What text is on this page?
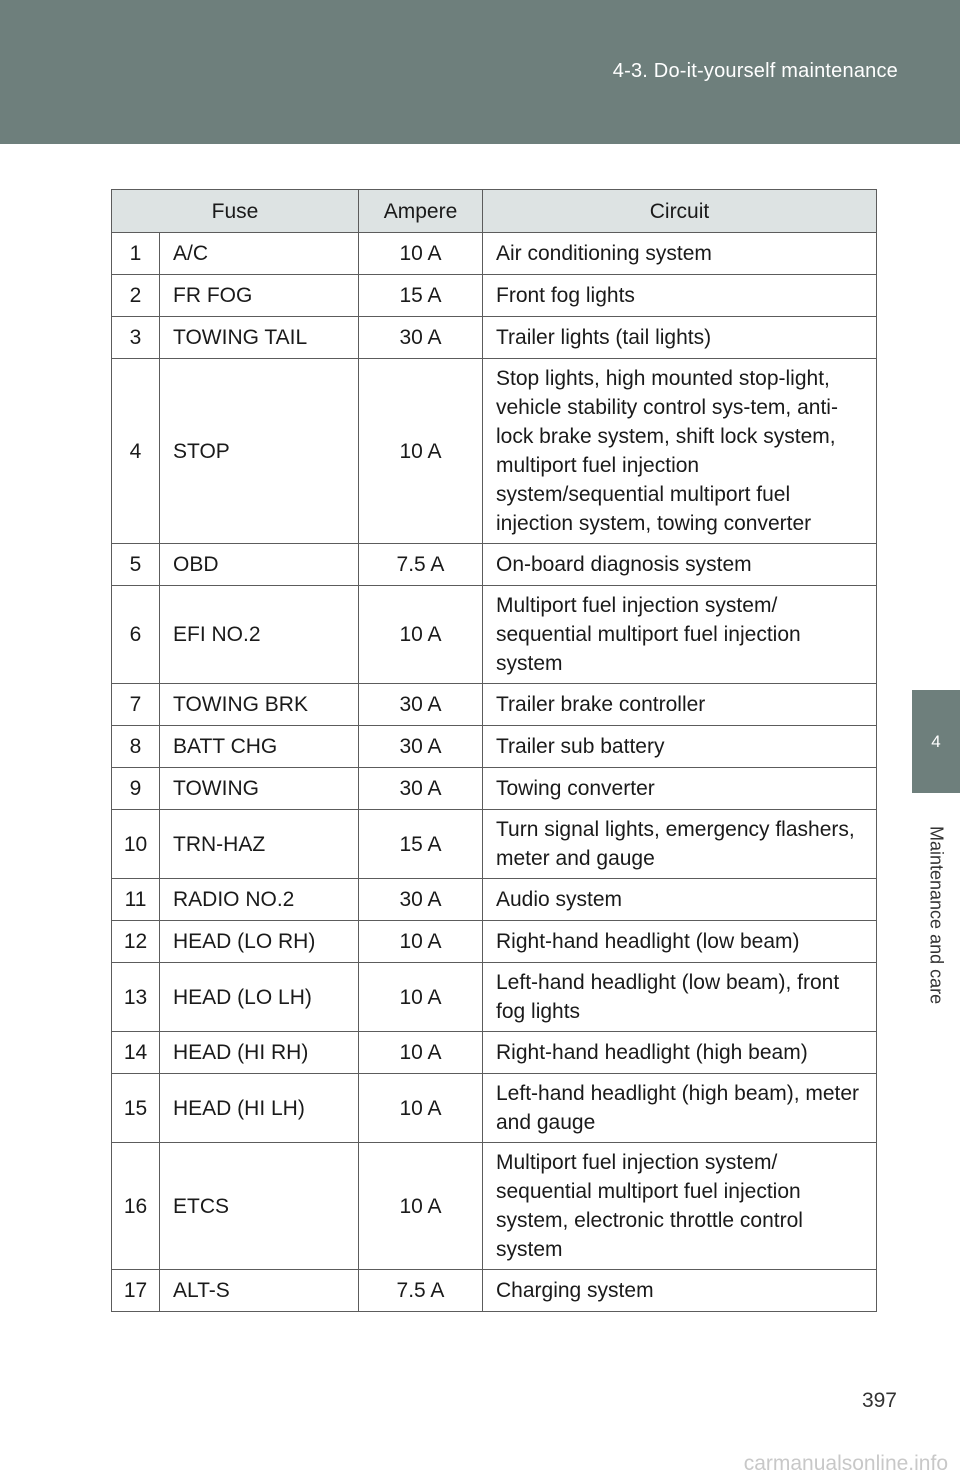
4-3. Do-it-yourself maintenance
4
Maintenance and care
Fuse		Ampere	Circuit
1	A/C	10 A	Air conditioning system
2	FR FOG	15 A	Front fog lights
3	TOWING TAIL	30 A	Trailer lights (tail lights)
4	STOP	10 A	Stop lights, high mounted stop-light, vehicle stability control sys-tem, anti-lock brake system, shift lock system, multiport fuel injection system/sequential multiport fuel injection system, towing converter
5	OBD	7.5 A	On-board diagnosis system
6	EFI NO.2	10 A	Multiport fuel injection system/ sequential multiport fuel injection system
7	TOWING BRK	30 A	Trailer brake controller
8	BATT CHG	30 A	Trailer sub battery
9	TOWING	30 A	Towing converter
10	TRN-HAZ	15 A	Turn signal lights, emergency flashers, meter and gauge
11	RADIO NO.2	30 A	Audio system
12	HEAD (LO RH)	10 A	Right-hand headlight (low beam)
13	HEAD (LO LH)	10 A	Left-hand headlight (low beam), front fog lights
14	HEAD (HI RH)	10 A	Right-hand headlight (high beam)
15	HEAD (HI LH)	10 A	Left-hand headlight (high beam), meter and gauge
16	ETCS	10 A	Multiport fuel injection system/ sequential multiport fuel injection system, electronic throttle control system
17	ALT-S	7.5 A	Charging system
397
carmanualsonline.info
